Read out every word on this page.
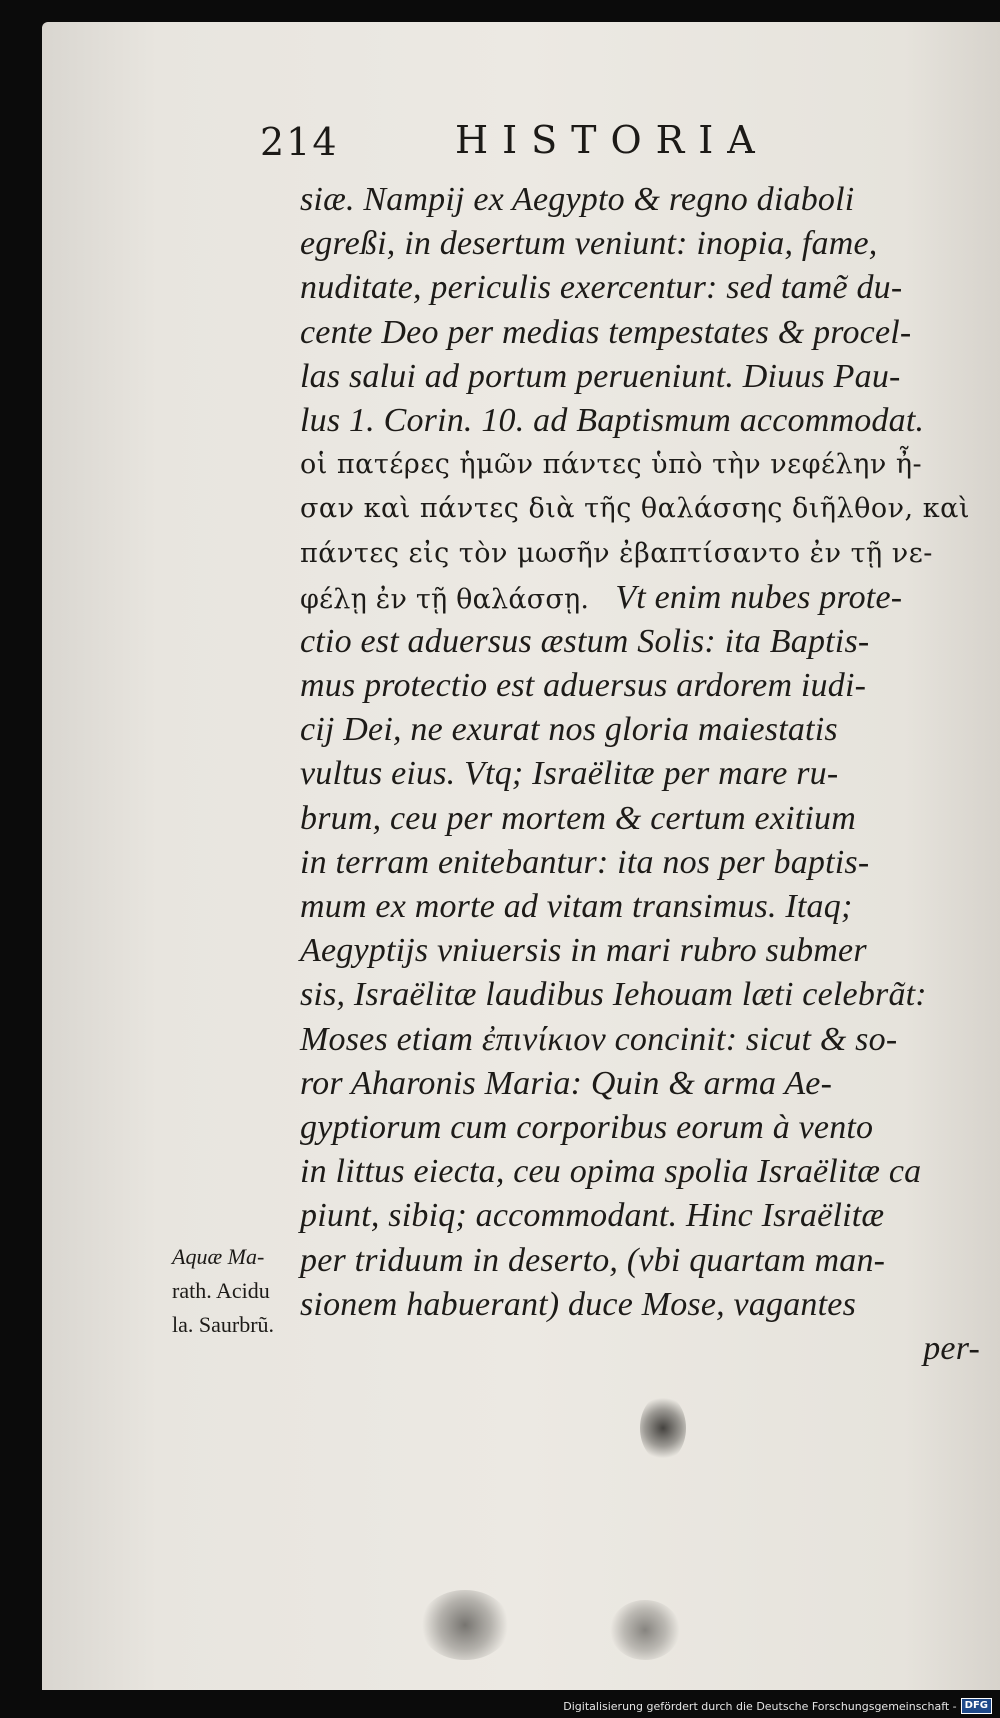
214	HISTORIA
siæ. Nampij ex Aegypto & regno diaboli
egreßi, in desertum veniunt: inopia, fame,
nuditate, periculis exercentur: sed tamẽ du-
cente Deo per medias tempestates & procel-
las salui ad portum perueniunt. Diuus Pau-
lus 1. Corin. 10. ad Baptismum accommodat.
οἱ πατέρες ἡμῶν πάντες ὑπὸ τὴν νεφέλην ἦ-
σαν καὶ πάντες διὰ τῆς θαλάσσης διῆλθον, καὶ
πάντες εἰς τὸν μωσῆν ἐβαπτίσαντο ἐν τῇ νε-
φέλῃ ἐν τῇ θαλάσσῃ. Vt enim nubes prote-
ctio est aduersus æstum Solis: ita Baptis-
mus protectio est aduersus ardorem iudi-
cij Dei, ne exurat nos gloria maiestatis
vultus eius. Vtq; Israëlitæ per mare ru-
brum, ceu per mortem & certum exitium
in terram enitebantur: ita nos per baptis-
mum ex morte ad vitam transimus. Itaq;
Aegyptijs vniuersis in mari rubro submer
sis, Israëlitæ laudibus Iehouam læti celebrãt:
Moses etiam ἐπινίκιον concinit: sicut & so-
ror Aharonis Maria: Quin & arma Ae-
gyptiorum cum corporibus eorum à vento
in littus eiecta, ceu opima spolia Israëlitæ ca
piunt, sibiq; accommodant. Hinc Israëlitæ
per triduum in deserto, (vbi quartam man-
sionem habuerant) duce Mose, vagantes
per-
Aquæ Ma-
rath. Acidu
la. Saurbrũ.
Digitalisierung gefördert durch die Deutsche Forschungsgemeinschaft - DFG
